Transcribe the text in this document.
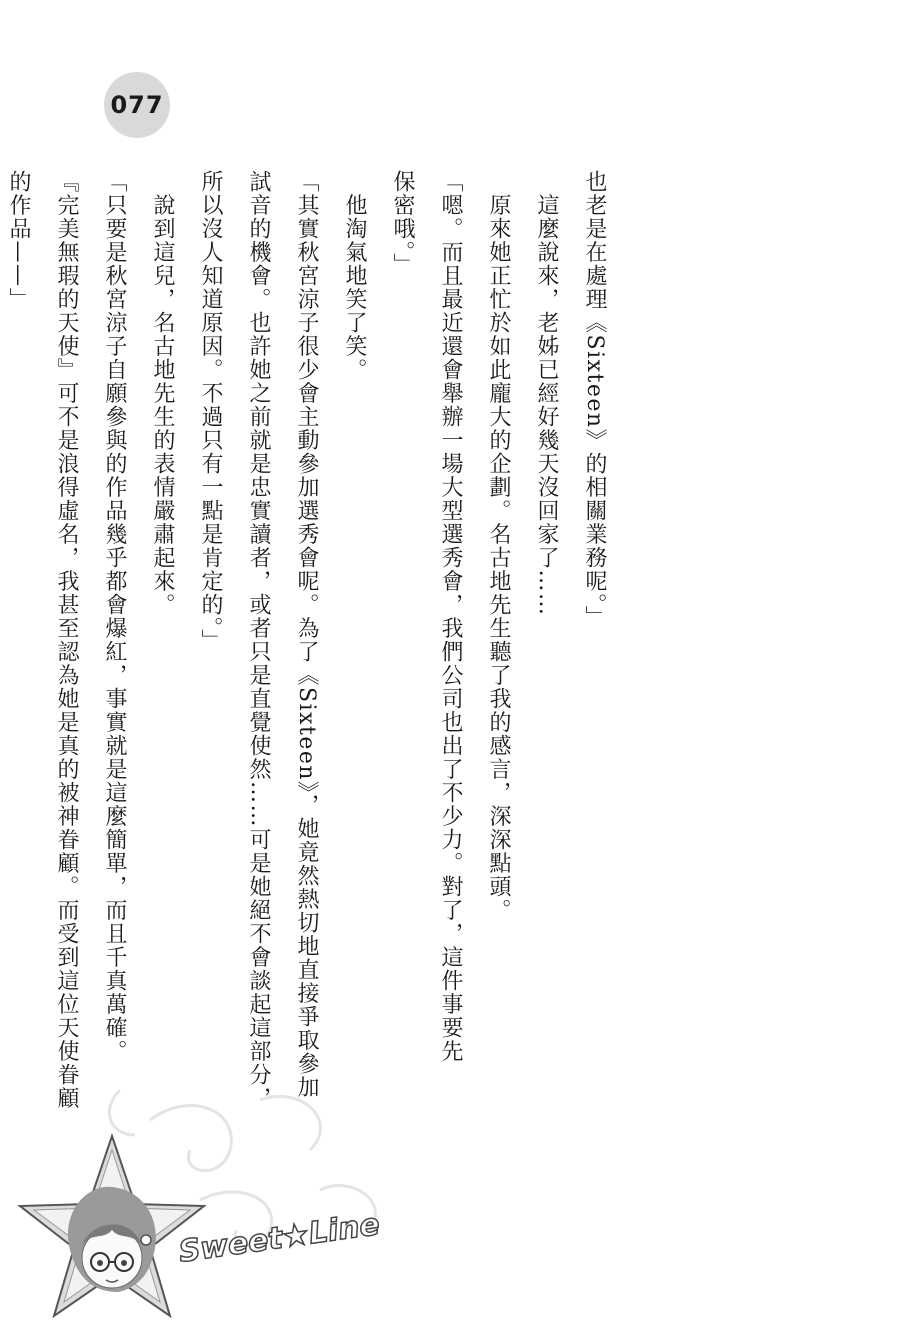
077
也老是在處理《Sixteen》的相關業務呢。」
　這麼說來，老姊已經好幾天沒回家了……
　原來她正忙於如此龐大的企劃。名古地先生聽了我的感言，深深點頭。
「嗯。而且最近還會舉辦一場大型選秀會，我們公司也出了不少力。對了，這件事要先
保密哦。」
　他淘氣地笑了笑。
「其實秋宮涼子很少會主動參加選秀會呢。為了《Sixteen》，她竟然熱切地直接爭取參加
試音的機會。也許她之前就是忠實讀者，或者只是直覺使然……可是她絕不會談起這部分，
所以沒人知道原因。不過只有一點是肯定的。」
　說到這兒，名古地先生的表情嚴肅起來。
「只要是秋宮涼子自願參與的作品幾乎都會爆紅，事實就是這麼簡單，而且千真萬確。
『完美無瑕的天使』可不是浪得虛名，我甚至認為她是真的被神眷顧。而受到這位天使眷顧
的作品——」
Sweet★Line
